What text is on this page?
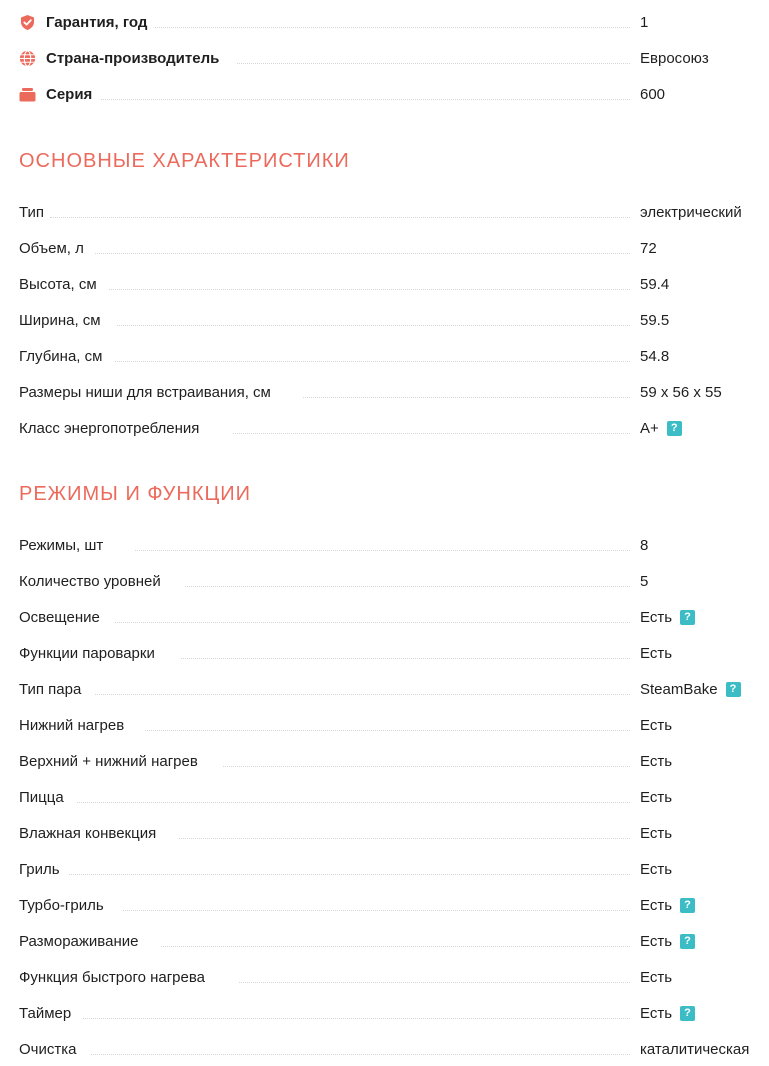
Гарантия, год	1
Страна-производитель	Евросоюз
Серия	600
ОСНОВНЫЕ ХАРАКТЕРИСТИКИ
Тип	электрический
Объем, л	72
Высота, см	59.4
Ширина, см	59.5
Глубина, см	54.8
Размеры ниши для встраивания, см	59 x 56 x 55
Класс энергопотребления	A+	?
РЕЖИМЫ И ФУНКЦИИ
Режимы, шт	8
Количество уровней	5
Освещение	Есть	?
Функции пароварки	Есть
Тип пара	SteamBake	?
Нижний нагрев	Есть
Верхний + нижний нагрев	Есть
Пицца	Есть
Влажная конвекция	Есть
Гриль	Есть
Турбо-гриль	Есть	?
Размораживание	Есть	?
Функция быстрого нагрева	Есть
Таймер	Есть	?
Очистка	каталитическая
